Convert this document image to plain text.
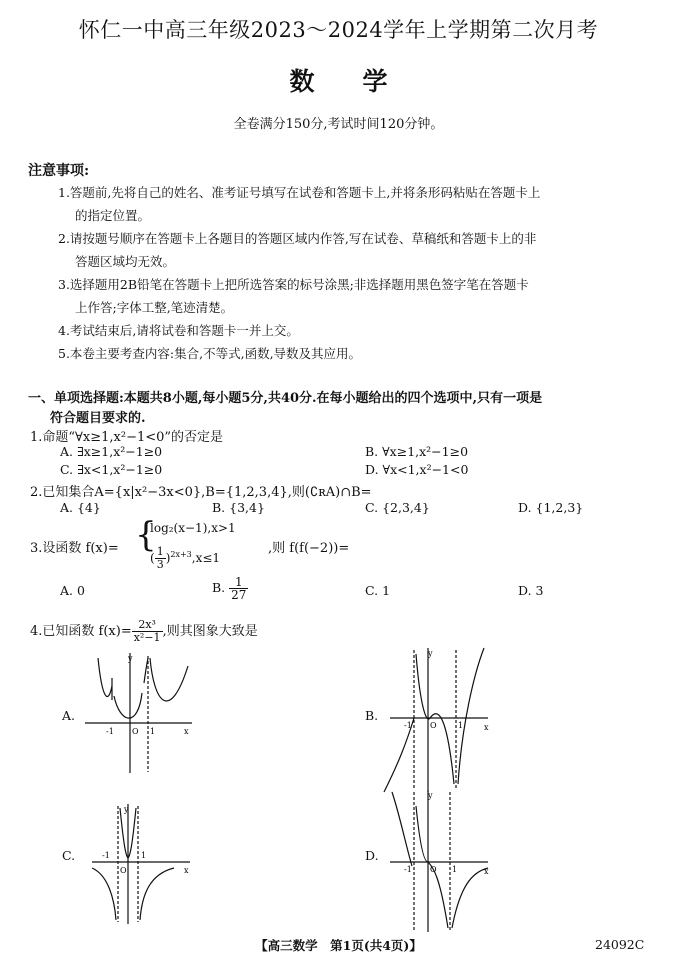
怀仁一中高三年级2023～2024学年上学期第二次月考
数学
全卷满分150分,考试时间120分钟。
注意事项:
1.答题前,先将自己的姓名、准考证号填写在试卷和答题卡上,并将条形码粘贴在答题卡上
的指定位置。
2.请按题号顺序在答题卡上各题目的答题区域内作答,写在试卷、草稿纸和答题卡上的非
答题区域均无效。
3.选择题用2B铅笔在答题卡上把所选答案的标号涂黑;非选择题用黑色签字笔在答题卡
上作答;字体工整,笔迹清楚。
4.考试结束后,请将试卷和答题卡一并上交。
5.本卷主要考查内容:集合,不等式,函数,导数及其应用。
一、单项选择题:本题共8小题,每小题5分,共40分.在每小题给出的四个选项中,只有一项是
符合题目要求的.
1.命题“∀x≥1,x²−1<0”的否定是
A. ∃x≥1,x²−1≥0	B. ∀x≥1,x²−1≥0
C. ∃x<1,x²−1≥0	D. ∀x<1,x²−1<0
2.已知集合A={x|x²−3x<0},B={1,2,3,4},则(∁ʀA)∩B=
A. {4}	B. {3,4}	C. {2,3,4}	D. {1,2,3}
3.设函数 f(x)= {
log₂(x−1),x>1
( $\frac{1}{3} )^{2x+3},x\le 1$
,则 f(f(−2))=
A. 0	B. $\frac{1}{27}$	C. 1	D. 3
4.已知函数 $f(x)= \frac{\text{2x³}}{\text{x²−1}}$ ,则其图象大致是
A.	B.
C.	D.
y
x
O
-1	1
y
x
O
-1	1
y
x
O
-1	1
y
x
O
-1	1
【高三数学　第1页(共4页)】	24092C
